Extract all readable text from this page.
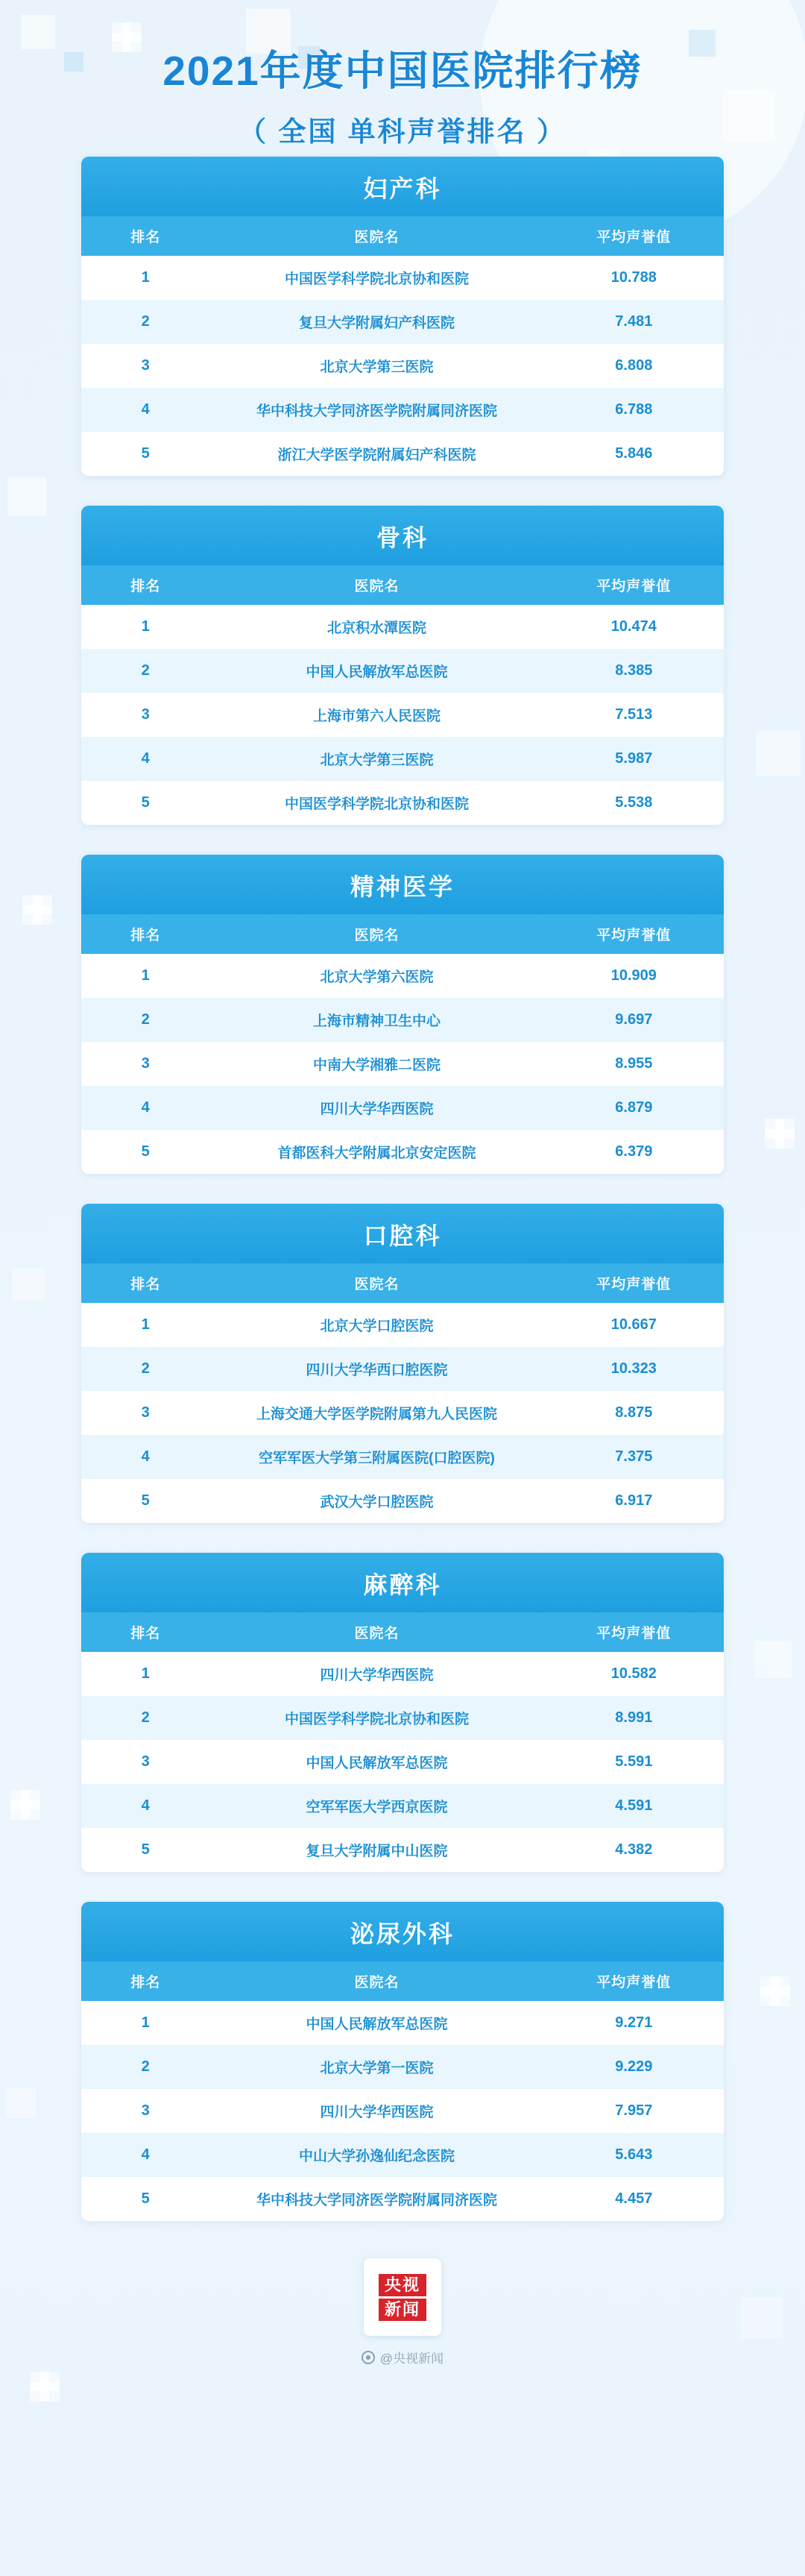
2021年度中国医院排行榜
（ 全国 单科声誉排名 ）
妇产科
排名	医院名	平均声誉值
1	中国医学科学院北京协和医院	10.788
2	复旦大学附属妇产科医院	7.481
3	北京大学第三医院	6.808
4	华中科技大学同济医学院附属同济医院	6.788
5	浙江大学医学院附属妇产科医院	5.846
骨科
排名	医院名	平均声誉值
1	北京积水潭医院	10.474
2	中国人民解放军总医院	8.385
3	上海市第六人民医院	7.513
4	北京大学第三医院	5.987
5	中国医学科学院北京协和医院	5.538
精神医学
排名	医院名	平均声誉值
1	北京大学第六医院	10.909
2	上海市精神卫生中心	9.697
3	中南大学湘雅二医院	8.955
4	四川大学华西医院	6.879
5	首都医科大学附属北京安定医院	6.379
口腔科
排名	医院名	平均声誉值
1	北京大学口腔医院	10.667
2	四川大学华西口腔医院	10.323
3	上海交通大学医学院附属第九人民医院	8.875
4	空军军医大学第三附属医院(口腔医院)	7.375
5	武汉大学口腔医院	6.917
麻醉科
排名	医院名	平均声誉值
1	四川大学华西医院	10.582
2	中国医学科学院北京协和医院	8.991
3	中国人民解放军总医院	5.591
4	空军军医大学西京医院	4.591
5	复旦大学附属中山医院	4.382
泌尿外科
排名	医院名	平均声誉值
1	中国人民解放军总医院	9.271
2	北京大学第一医院	9.229
3	四川大学华西医院	7.957
4	中山大学孙逸仙纪念医院	5.643
5	华中科技大学同济医学院附属同济医院	4.457
央视
新闻
@央视新闻
